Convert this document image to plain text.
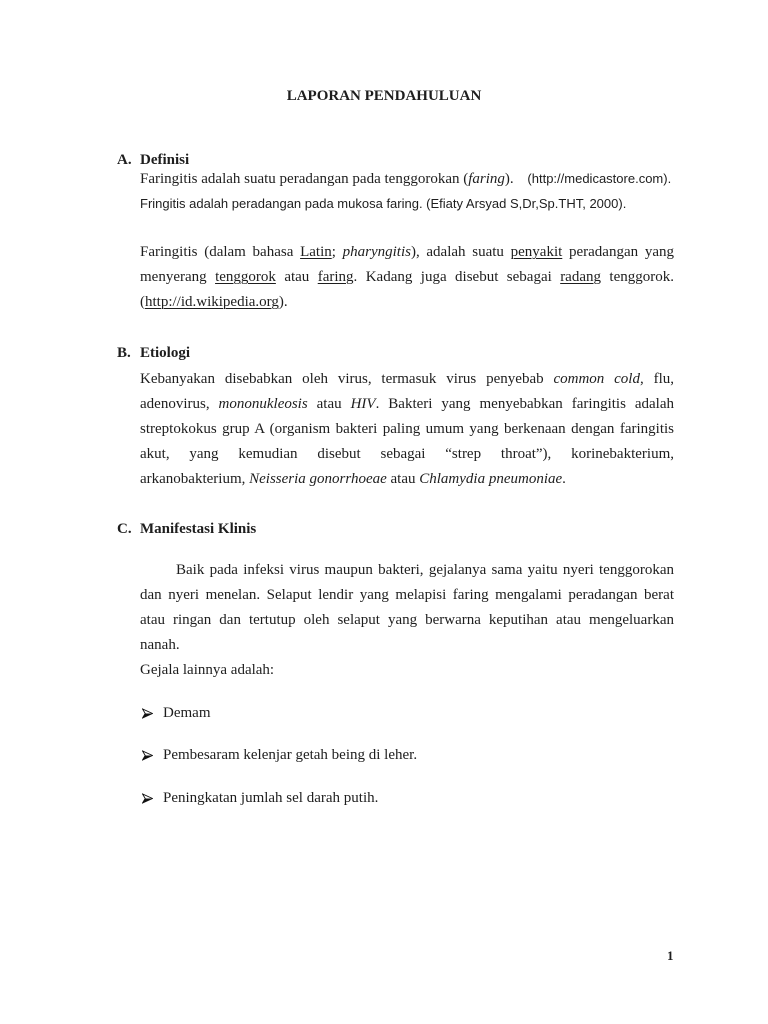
LAPORAN PENDAHULUAN
A. Definisi
Faringitis adalah suatu peradangan pada tenggorokan (faring). (http://medicastore.com).
Fringitis adalah peradangan pada mukosa faring. (Efiaty Arsyad S,Dr,Sp.THT, 2000).
Faringitis (dalam bahasa Latin; pharyngitis), adalah suatu penyakit peradangan yang
menyerang tenggorok atau faring. Kadang juga disebut sebagai radang tenggorok.
(http://id.wikipedia.org).
B. Etiologi
Kebanyakan disebabkan oleh virus, termasuk virus penyebab common cold, flu,
adenovirus, mononukleosis atau HIV. Bakteri yang menyebabkan faringitis adalah
streptokokus grup A (organism bakteri paling umum yang berkenaan dengan faringitis
akut, yang kemudian disebut sebagai “strep throat”), korinebakterium,
arkanobakterium, Neisseria gonorrhoeae atau Chlamydia pneumoniae.
C. Manifestasi Klinis
Baik pada infeksi virus maupun bakteri, gejalanya sama yaitu nyeri tenggorokan
dan nyeri menelan. Selaput lendir yang melapisi faring mengalami peradangan berat
atau ringan dan tertutup oleh selaput yang berwarna keputihan atau mengeluarkan
nanah.
Gejala lainnya adalah:
Demam
Pembesaram kelenjar getah being di leher.
Peningkatan jumlah sel darah putih.
1
